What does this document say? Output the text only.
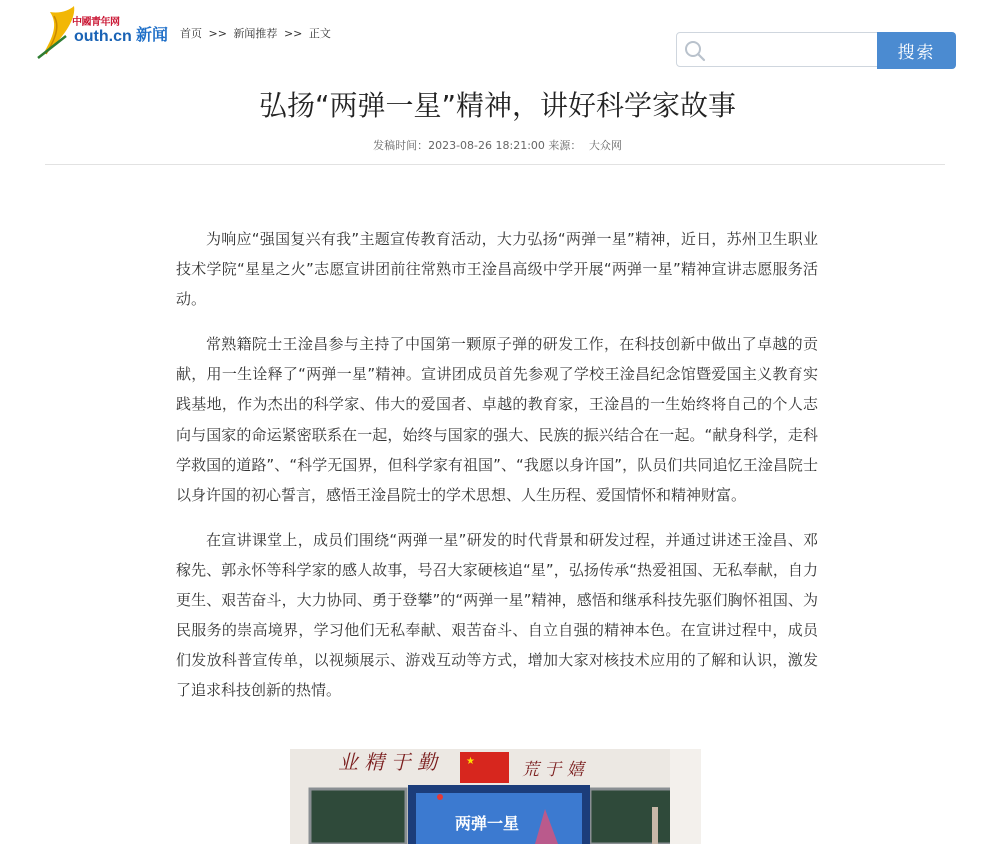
中國青年网
outh.cn 新闻 首页 >> 新闻推荐 >> 正文
搜索
弘扬“两弹一星”精神，讲好科学家故事
发稿时间：2023-08-26 18:21:00 来源： 大众网

为响应“强国复兴有我”主题宣传教育活动，大力弘扬“两弹一星”精神，近日，苏州卫生职业技术学院“星星之火”志愿宣讲团前往常熟市王淦昌高级中学开展“两弹一星”精神宣讲志愿服务活动。

常熟籍院士王淦昌参与主持了中国第一颗原子弹的研发工作，在科技创新中做出了卓越的贡献，用一生诠释了“两弹一星”精神。宣讲团成员首先参观了学校王淦昌纪念馆暨爱国主义教育实践基地，作为杰出的科学家、伟大的爱国者、卓越的教育家，王淦昌的一生始终将自己的个人志向与国家的命运紧密联系在一起，始终与国家的强大、民族的振兴结合在一起。“献身科学，走科学救国的道路”、“科学无国界，但科学家有祖国”、“我愿以身许国”，队员们共同追忆王淦昌院士以身许国的初心誓言，感悟王淦昌院士的学术思想、人生历程、爱国情怀和精神财富。

在宣讲课堂上，成员们围绕“两弹一星”研发的时代背景和研发过程，并通过讲述王淦昌、邓稼先、郭永怀等科学家的感人故事，号召大家硬核追“星”，弘扬传承“热爱祖国、无私奉献，自力更生、艰苦奋斗，大力协同、勇于登攀”的“两弹一星”精神，感悟和继承科技先驱们胸怀祖国、为民服务的崇高境界，学习他们无私奉献、艰苦奋斗、自立自强的精神本色。在宣讲过程中，成员们发放科普宣传单，以视频展示、游戏互动等方式，增加大家对核技术应用的了解和认识，激发了追求科技创新的热情。

业 精 于 勤	荒 于 嬉
★
两弹一星
